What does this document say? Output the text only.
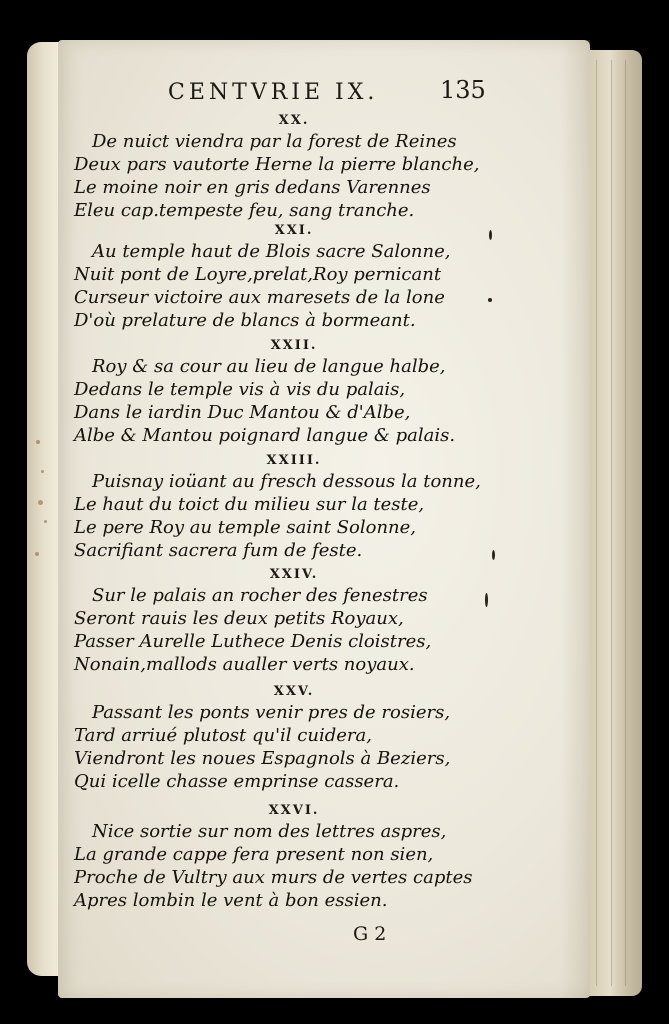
CENTVRIE IX.	135
XX.
De nuict viendra par la forest de Reines
Deux pars vautorte Herne la pierre blanche,
Le moine noir en gris dedans Varennes
Eleu cap.tempeste feu, sang tranche.
XXI.
Au temple haut de Blois sacre Salonne,
Nuit pont de Loyre,prelat,Roy pernicant
Curseur victoire aux maresets de la lone
D'où prelature de blancs à bormeant.
XXII.
Roy & sa cour au lieu de langue halbe,
Dedans le temple vis à vis du palais,
Dans le iardin Duc Mantou & d'Albe,
Albe & Mantou poignard langue & palais.
XXIII.
Puisnay ioüant au fresch dessous la tonne,
Le haut du toict du milieu sur la teste,
Le pere Roy au temple saint Solonne,
Sacrifiant sacrera fum de feste.
XXIV.
Sur le palais an rocher des fenestres
Seront rauis les deux petits Royaux,
Passer Aurelle Luthece Denis cloistres,
Nonain,mallods aualler verts noyaux.
XXV.
Passant les ponts venir pres de rosiers,
Tard arriué plutost qu'il cuidera,
Viendront les noues Espagnols à Beziers,
Qui icelle chasse emprinse cassera.
XXVI.
Nice sortie sur nom des lettres aspres,
La grande cappe fera present non sien,
Proche de Vultry aux murs de vertes captes
Apres lombin le vent à bon essien.
G 2
